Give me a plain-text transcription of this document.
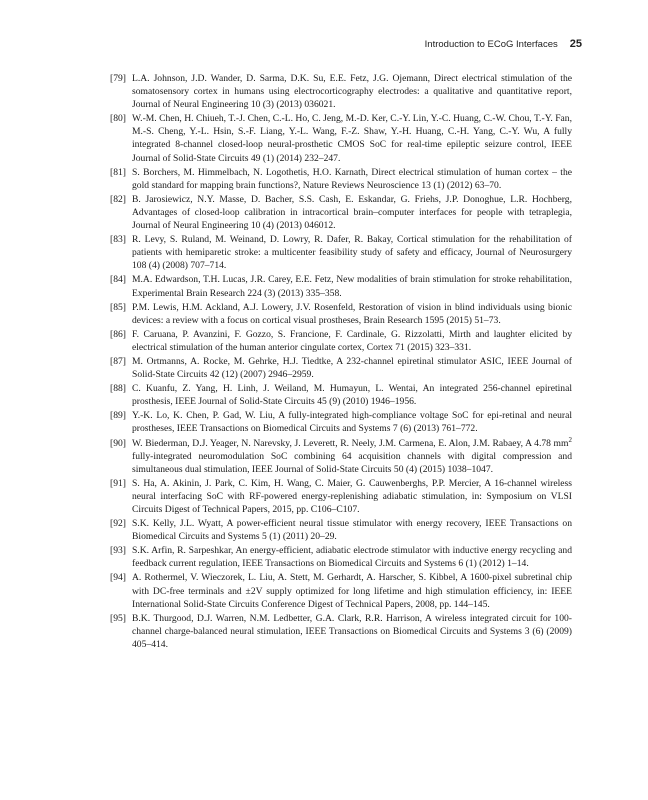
Introduction to ECoG Interfaces 25
[79] L.A. Johnson, J.D. Wander, D. Sarma, D.K. Su, E.E. Fetz, J.G. Ojemann, Direct electrical stimulation of the somatosensory cortex in humans using electrocorticography electrodes: a qualitative and quantitative report, Journal of Neural Engineering 10 (3) (2013) 036021.
[80] W.-M. Chen, H. Chiueh, T.-J. Chen, C.-L. Ho, C. Jeng, M.-D. Ker, C.-Y. Lin, Y.-C. Huang, C.-W. Chou, T.-Y. Fan, M.-S. Cheng, Y.-L. Hsin, S.-F. Liang, Y.-L. Wang, F.-Z. Shaw, Y.-H. Huang, C.-H. Yang, C.-Y. Wu, A fully integrated 8-channel closed-loop neural-prosthetic CMOS SoC for real-time epileptic seizure control, IEEE Journal of Solid-State Circuits 49 (1) (2014) 232–247.
[81] S. Borchers, M. Himmelbach, N. Logothetis, H.O. Karnath, Direct electrical stimulation of human cortex – the gold standard for mapping brain functions?, Nature Reviews Neuroscience 13 (1) (2012) 63–70.
[82] B. Jarosiewicz, N.Y. Masse, D. Bacher, S.S. Cash, E. Eskandar, G. Friehs, J.P. Donoghue, L.R. Hochberg, Advantages of closed-loop calibration in intracortical brain–computer interfaces for people with tetraplegia, Journal of Neural Engineering 10 (4) (2013) 046012.
[83] R. Levy, S. Ruland, M. Weinand, D. Lowry, R. Dafer, R. Bakay, Cortical stimulation for the rehabilitation of patients with hemiparetic stroke: a multicenter feasibility study of safety and efficacy, Journal of Neurosurgery 108 (4) (2008) 707–714.
[84] M.A. Edwardson, T.H. Lucas, J.R. Carey, E.E. Fetz, New modalities of brain stimulation for stroke rehabilitation, Experimental Brain Research 224 (3) (2013) 335–358.
[85] P.M. Lewis, H.M. Ackland, A.J. Lowery, J.V. Rosenfeld, Restoration of vision in blind individuals using bionic devices: a review with a focus on cortical visual prostheses, Brain Research 1595 (2015) 51–73.
[86] F. Caruana, P. Avanzini, F. Gozzo, S. Francione, F. Cardinale, G. Rizzolatti, Mirth and laughter elicited by electrical stimulation of the human anterior cingulate cortex, Cortex 71 (2015) 323–331.
[87] M. Ortmanns, A. Rocke, M. Gehrke, H.J. Tiedtke, A 232-channel epiretinal stimulator ASIC, IEEE Journal of Solid-State Circuits 42 (12) (2007) 2946–2959.
[88] C. Kuanfu, Z. Yang, H. Linh, J. Weiland, M. Humayun, L. Wentai, An integrated 256-channel epiretinal prosthesis, IEEE Journal of Solid-State Circuits 45 (9) (2010) 1946–1956.
[89] Y.-K. Lo, K. Chen, P. Gad, W. Liu, A fully-integrated high-compliance voltage SoC for epi-retinal and neural prostheses, IEEE Transactions on Biomedical Circuits and Systems 7 (6) (2013) 761–772.
[90] W. Biederman, D.J. Yeager, N. Narevsky, J. Leverett, R. Neely, J.M. Carmena, E. Alon, J.M. Rabaey, A 4.78 $mm^2$ fully-integrated neuromodulation SoC combining 64 acquisition channels with digital compression and simultaneous dual stimulation, IEEE Journal of Solid-State Circuits 50 (4) (2015) 1038–1047.
[91] S. Ha, A. Akinin, J. Park, C. Kim, H. Wang, C. Maier, G. Cauwenberghs, P.P. Mercier, A 16-channel wireless neural interfacing SoC with RF-powered energy-replenishing adiabatic stimulation, in: Symposium on VLSI Circuits Digest of Technical Papers, 2015, pp. C106–C107.
[92] S.K. Kelly, J.L. Wyatt, A power-efficient neural tissue stimulator with energy recovery, IEEE Transactions on Biomedical Circuits and Systems 5 (1) (2011) 20–29.
[93] S.K. Arfin, R. Sarpeshkar, An energy-efficient, adiabatic electrode stimulator with inductive energy recycling and feedback current regulation, IEEE Transactions on Biomedical Circuits and Systems 6 (1) (2012) 1–14.
[94] A. Rothermel, V. Wieczorek, L. Liu, A. Stett, M. Gerhardt, A. Harscher, S. Kibbel, A 1600-pixel subretinal chip with DC-free terminals and ±2V supply optimized for long lifetime and high stimulation efficiency, in: IEEE International Solid-State Circuits Conference Digest of Technical Papers, 2008, pp. 144–145.
[95] B.K. Thurgood, D.J. Warren, N.M. Ledbetter, G.A. Clark, R.R. Harrison, A wireless integrated circuit for 100-channel charge-balanced neural stimulation, IEEE Transactions on Biomedical Circuits and Systems 3 (6) (2009) 405–414.
